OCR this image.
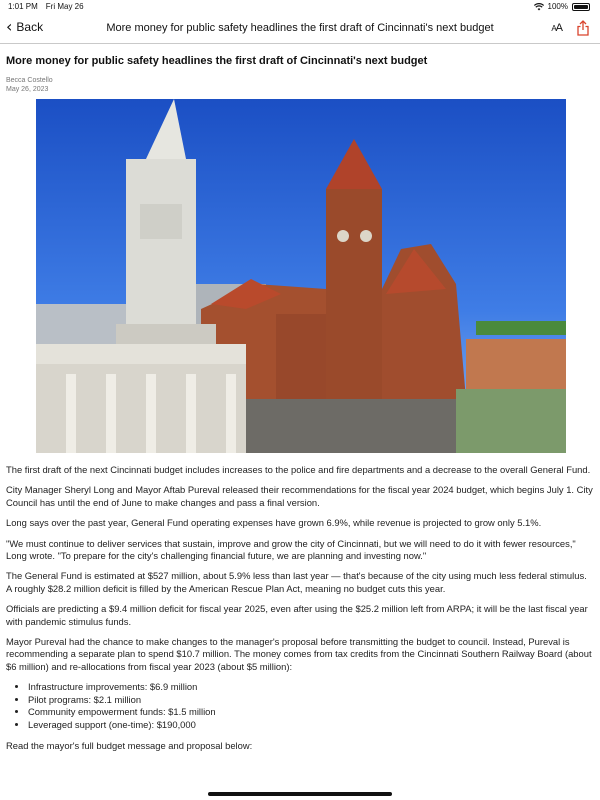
1:01 PM Fri May 26	100%
‹ Back	More money for public safety headlines the first draft of Cincinnati's next budget	AA
More money for public safety headlines the first draft of Cincinnati's next budget
Becca Costello
May 26, 2023

The first draft of the next Cincinnati budget includes increases to the police and fire departments and a decrease to the overall General Fund.

City Manager Sheryl Long and Mayor Aftab Pureval released their recommendations for the fiscal year 2024 budget, which begins July 1. City Council has until the end of June to make changes and pass a final version.

Long says over the past year, General Fund operating expenses have grown 6.9%, while revenue is projected to grow only 5.1%.

"We must continue to deliver services that sustain, improve and grow the city of Cincinnati, but we will need to do it with fewer resources," Long wrote. "To prepare for the city's challenging financial future, we are planning and investing now."

The General Fund is estimated at $527 million, about 5.9% less than last year — that's because of the city using much less federal stimulus. A roughly $28.2 million deficit is filled by the American Rescue Plan Act, meaning no budget cuts this year.

Officials are predicting a $9.4 million deficit for fiscal year 2025, even after using the $25.2 million left from ARPA; it will be the last fiscal year with pandemic stimulus funds.

Mayor Pureval had the chance to make changes to the manager's proposal before transmitting the budget to council. Instead, Pureval is recommending a separate plan to spend $10.7 million. The money comes from tax credits from the Cincinnati Southern Railway Board (about $6 million) and re-allocations from fiscal year 2023 (about $5 million):

• Infrastructure improvements: $6.9 million
• Pilot programs: $2.1 million
• Community empowerment funds: $1.5 million
• Leveraged support (one-time): $190,000

Read the mayor's full budget message and proposal below:
